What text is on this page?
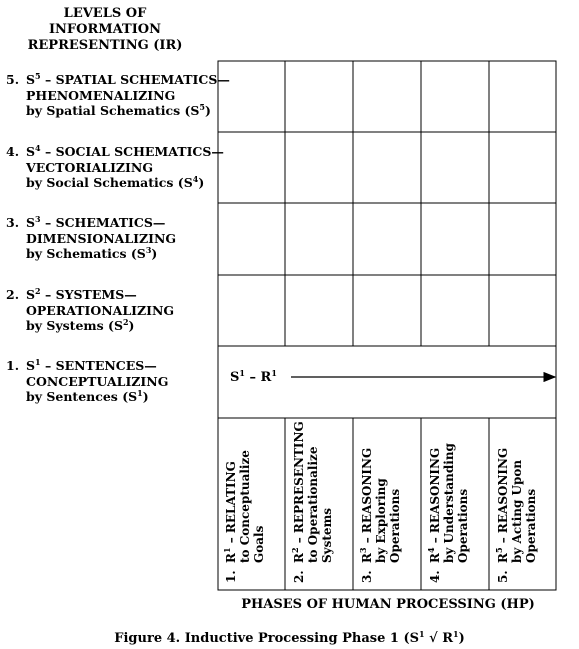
LEVELS OF
INFORMATION
REPRESENTING (IR)
5. $S^5$ – SPATIAL SCHEMATICS—
PHENOMENALIZING
by Spatial Schematics $(S^5)$
4. $S^4$ – SOCIAL SCHEMATICS—
VECTORIALIZING
by Social Schematics $(S^4)$
3. $S^3$ – SCHEMATICS—
DIMENSIONALIZING
by Schematics $(S^3)$
2. $S^2$ – SYSTEMS—
OPERATIONALIZING
by Systems $(S^2)$
1. $S^1$ – SENTENCES—
CONCEPTUALIZING
by Sentences $(S^1)$
$S^1 - R^1$
1.
$R^1$ – RELATING to Conceptualize Goals
2.
$R^2$ – REPRESENTING to Operationalize Systems
3.
$R^3$ – REASONING by Exploring Operations
4.
$R^4$ – REASONING by Understanding Operations
5.
$R^5$ – REASONING by Acting Upon Operations
PHASES OF HUMAN PROCESSING (HP)
Figure 4. Inductive Processing Phase 1 ($S^1$ √ $R^1$)
